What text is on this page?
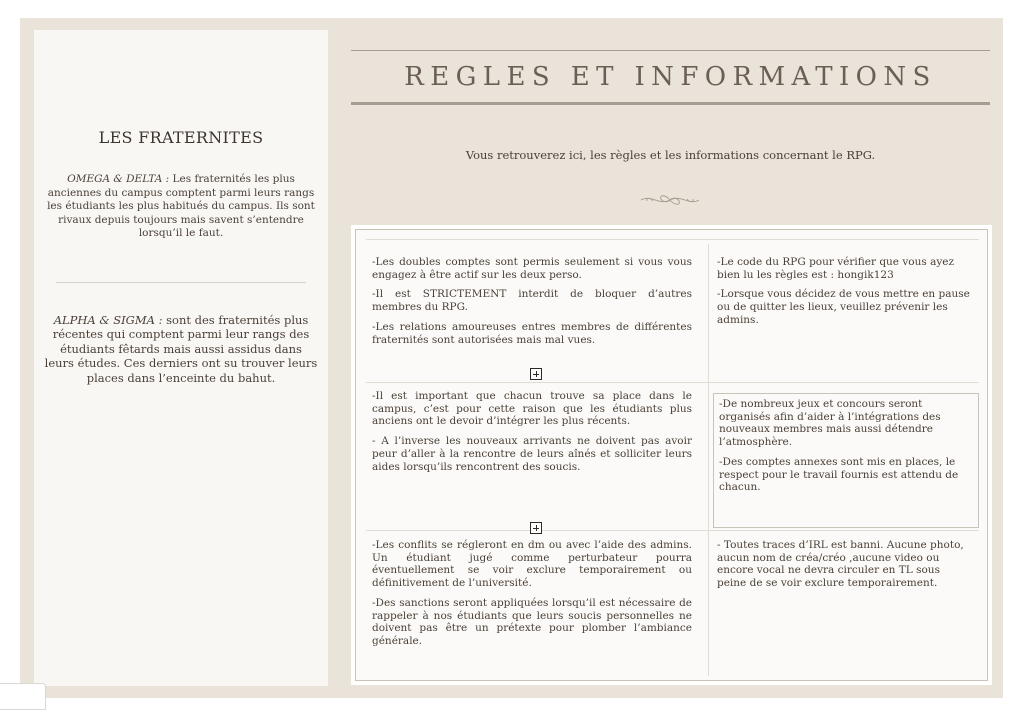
LES FRATERNITES
OMEGA & DELTA : Les fraternités les plus anciennes du campus comptent parmi leurs rangs les étudiants les plus habitués du campus. Ils sont rivaux depuis toujours mais savent s’entendre lorsqu’il le faut.
ALPHA & SIGMA : sont des fraternités plus récentes qui comptent parmi leur rangs des étudiants fêtards mais aussi assidus dans leurs études. Ces derniers ont su trouver leurs places dans l’enceinte du bahut.
REGLES ET INFORMATIONS
Vous retrouverez ici, les règles et les informations concernant le RPG.

-Les doubles comptes sont permis seulement si vous vous engagez à être actif sur les deux perso.

-Il est STRICTEMENT interdit de bloquer d’autres membres du RPG.

-Les relations amoureuses entres membres de différentes fraternités sont autorisées mais mal vues.

-Le code du RPG pour vérifier que vous ayez bien lu les règles est : hongik123

-Lorsque vous décidez de vous mettre en pause ou de quitter les lieux, veuillez prévenir les admins.

-Il est important que chacun trouve sa place dans le campus, c’est pour cette raison que les étudiants plus anciens ont le devoir d’intégrer les plus récents.

- A l’inverse les nouveaux arrivants ne doivent pas avoir peur d’aller à la rencontre de leurs aînés et solliciter leurs aides lorsqu’ils rencontrent des soucis.

-De nombreux jeux et concours seront organisés afin d’aider à l’intégrations des nouveaux membres mais aussi détendre l’atmosphère.

-Des comptes annexes sont mis en places, le respect pour le travail fournis est attendu de chacun.

-Les conflits se régleront en dm ou avec l’aide des admins. Un étudiant jugé comme perturbateur pourra éventuellement se voir exclure temporairement ou définitivement de l’université.

-Des sanctions seront appliquées lorsqu’il est nécessaire de rappeler à nos étudiants que leurs soucis personnelles ne doivent pas être un prétexte pour plomber l’ambiance générale.

- Toutes traces d’IRL est banni. Aucune photo, aucun nom de créa/créo ,aucune video ou encore vocal ne devra circuler en TL sous peine de se voir exclure temporairement.
